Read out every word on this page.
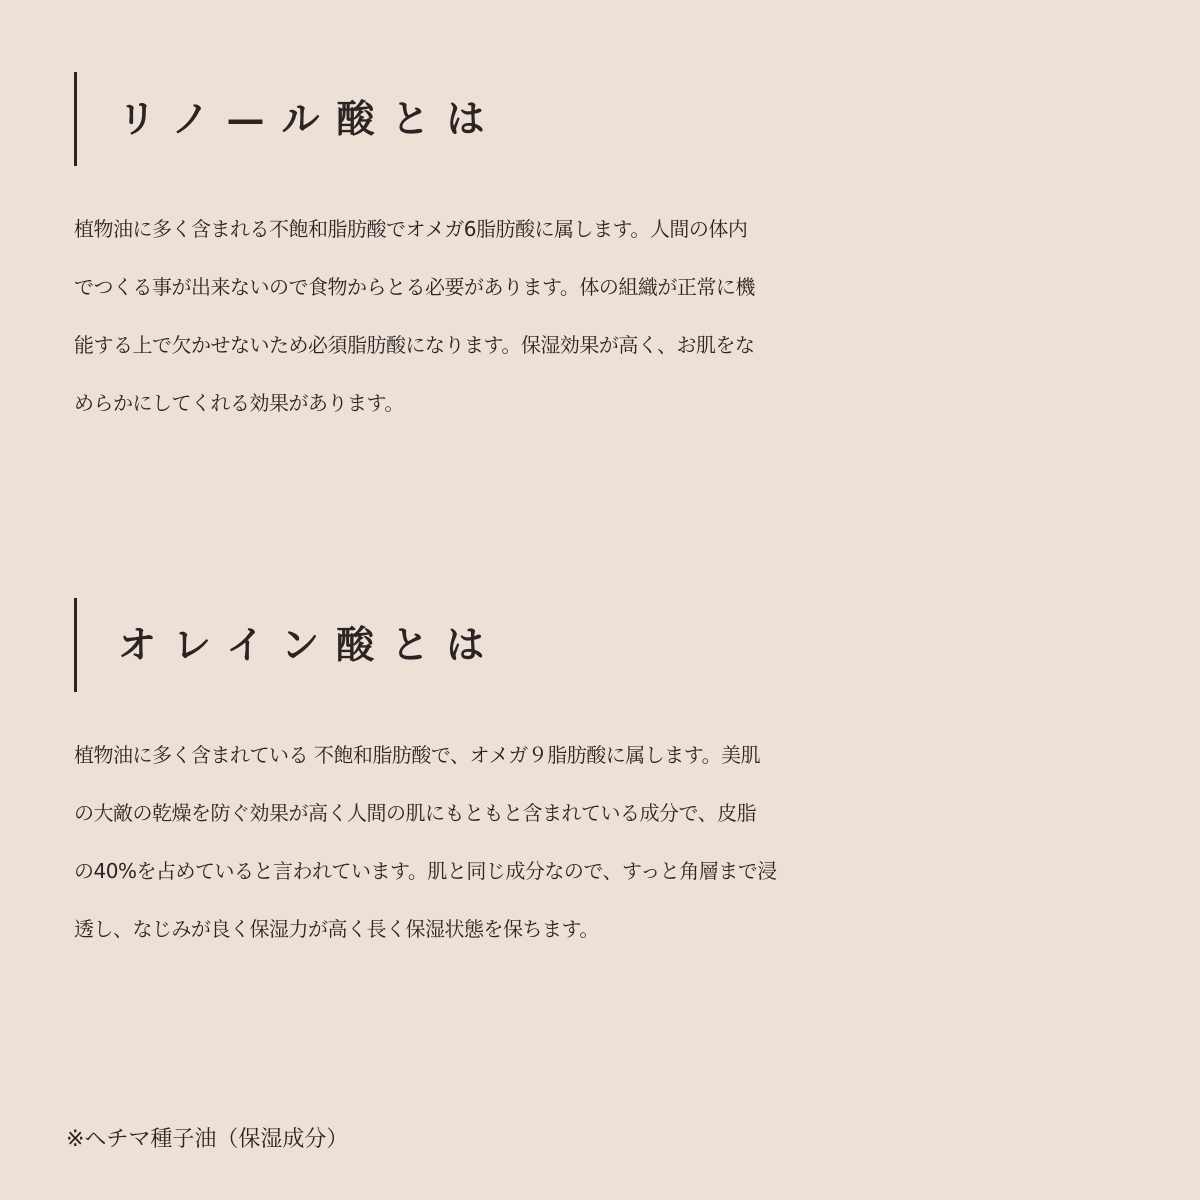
リノ—ル酸とは

植物油に多く含まれる不飽和脂肪酸でオメガ6脂肪酸に属します。人間の体内
でつくる事が出来ないので食物からとる必要があります。体の組織が正常に機
能する上で欠かせないため必須脂肪酸になります。保湿効果が高く、お肌をな
めらかにしてくれる効果があります。

オレイン酸とは

植物油に多く含まれている 不飽和脂肪酸で、オメガ９脂肪酸に属します。美肌
の大敵の乾燥を防ぐ効果が高く人間の肌にもともと含まれている成分で、皮脂
の40%を占めていると言われています。肌と同じ成分なので、すっと角層まで浸
透し、なじみが良く保湿力が高く長く保湿状態を保ちます。

※ヘチマ種子油（保湿成分）
